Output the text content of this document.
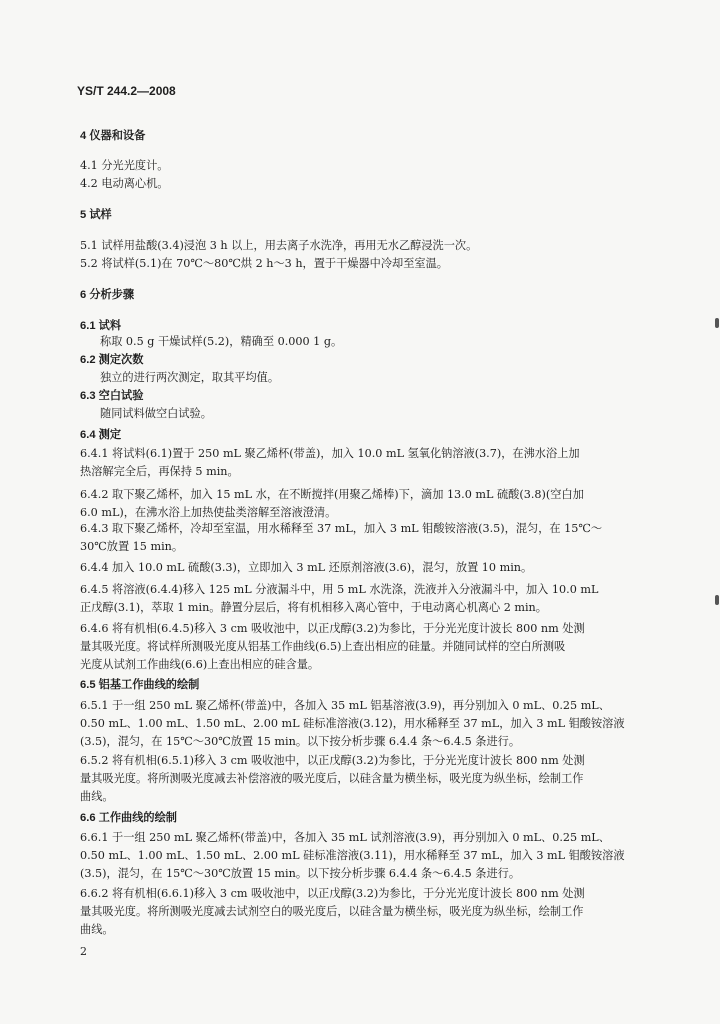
YS/T 244.2—2008
4 仪器和设备
4.1 分光光度计。
4.2 电动离心机。
5 试样
5.1 试样用盐酸(3.4)浸泡 3 h 以上，用去离子水洗净，再用无水乙醇浸洗一次。
5.2 将试样(5.1)在 70℃～80℃烘 2 h～3 h，置于干燥器中冷却至室温。
6 分析步骤
6.1 试料
称取 0.5 g 干燥试样(5.2)，精确至 0.000 1 g。
6.2 测定次数
独立的进行两次测定，取其平均值。
6.3 空白试验
随同试料做空白试验。
6.4 测定
6.4.1 将试料(6.1)置于 250 mL 聚乙烯杯(带盖)，加入 10.0 mL 氢氧化钠溶液(3.7)，在沸水浴上加
热溶解完全后，再保持 5 min。
6.4.2 取下聚乙烯杯，加入 15 mL 水，在不断搅拌(用聚乙烯棒)下，滴加 13.0 mL 硫酸(3.8)(空白加
6.0 mL)，在沸水浴上加热使盐类溶解至溶液澄清。
6.4.3 取下聚乙烯杯，冷却至室温，用水稀释至 37 mL，加入 3 mL 钼酸铵溶液(3.5)，混匀，在 15℃～
30℃放置 15 min。
6.4.4 加入 10.0 mL 硫酸(3.3)，立即加入 3 mL 还原剂溶液(3.6)，混匀，放置 10 min。
6.4.5 将溶液(6.4.4)移入 125 mL 分液漏斗中，用 5 mL 水洗涤，洗液并入分液漏斗中，加入 10.0 mL
正戊醇(3.1)，萃取 1 min。静置分层后，将有机相移入离心管中，于电动离心机离心 2 min。
6.4.6 将有机相(6.4.5)移入 3 cm 吸收池中，以正戊醇(3.2)为参比，于分光光度计波长 800 nm 处测
量其吸光度。将试样所测吸光度从铝基工作曲线(6.5)上查出相应的硅量。并随同试样的空白所测吸
光度从试剂工作曲线(6.6)上查出相应的硅含量。
6.5 铝基工作曲线的绘制
6.5.1 于一组 250 mL 聚乙烯杯(带盖)中，各加入 35 mL 铝基溶液(3.9)，再分别加入 0 mL、0.25 mL、
0.50 mL、1.00 mL、1.50 mL、2.00 mL 硅标准溶液(3.12)，用水稀释至 37 mL，加入 3 mL 钼酸铵溶液
(3.5)，混匀，在 15℃～30℃放置 15 min。以下按分析步骤 6.4.4 条～6.4.5 条进行。
6.5.2 将有机相(6.5.1)移入 3 cm 吸收池中，以正戊醇(3.2)为参比，于分光光度计波长 800 nm 处测
量其吸光度。将所测吸光度减去补偿溶液的吸光度后，以硅含量为横坐标，吸光度为纵坐标，绘制工作
曲线。
6.6 工作曲线的绘制
6.6.1 于一组 250 mL 聚乙烯杯(带盖)中，各加入 35 mL 试剂溶液(3.9)，再分别加入 0 mL、0.25 mL、
0.50 mL、1.00 mL、1.50 mL、2.00 mL 硅标准溶液(3.11)，用水稀释至 37 mL，加入 3 mL 钼酸铵溶液
(3.5)，混匀，在 15℃～30℃放置 15 min。以下按分析步骤 6.4.4 条～6.4.5 条进行。
6.6.2 将有机相(6.6.1)移入 3 cm 吸收池中，以正戊醇(3.2)为参比，于分光光度计波长 800 nm 处测
量其吸光度。将所测吸光度减去试剂空白的吸光度后，以硅含量为横坐标，吸光度为纵坐标，绘制工作
曲线。
2
